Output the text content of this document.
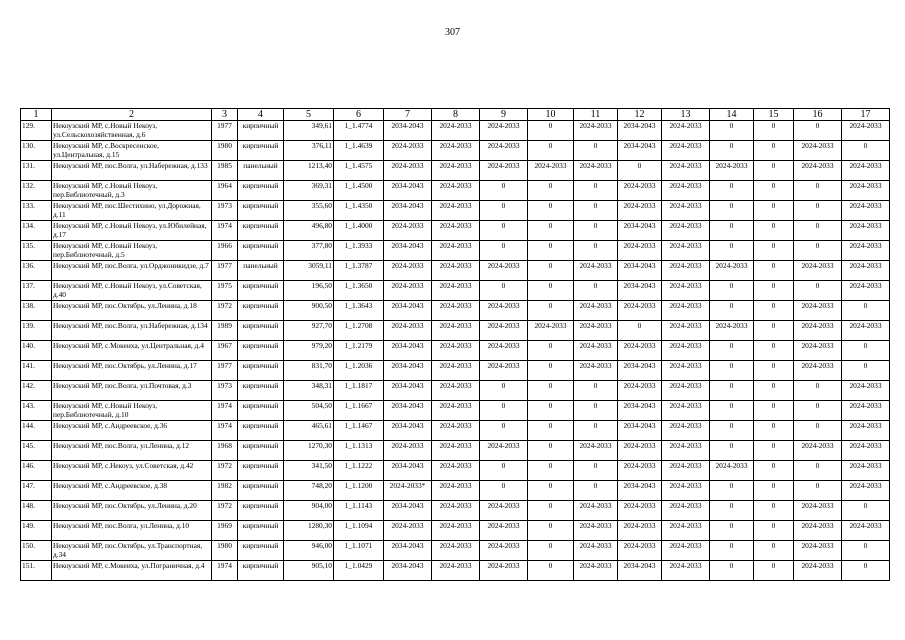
307
1	2	3	4	5	6	7	8	9	10	11	12	13	14	15	16	17
129.	Некоузский МР, с.Новый Некоуз, ул.Сельскохозяйственная, д.6	1977	кирпичный	349,61	1_1.4774	2034-2043	2024-2033	2024-2033	0	2024-2033	2034-2043	2024-2033	0	0	0	2024-2033
130.	Некоузский МР, с.Воскресенское, ул.Центральная, д.15	1980	кирпичный	376,11	1_1.4639	2024-2033	2024-2033	2024-2033	0	0	2034-2043	2024-2033	0	0	2024-2033	0
131.	Некоузский МР, пос.Волга, ул.Набережная, д.133	1985	панельный	1213,40	1_1.4575	2024-2033	2024-2033	2024-2033	2024-2033	2024-2033	0	2024-2033	2024-2033	0	2024-2033	2024-2033
132.	Некоузский МР, с.Новый Некоуз, пер.Библиотечный, д.3	1964	кирпичный	369,31	1_1.4500	2034-2043	2024-2033	0	0	0	2024-2033	2024-2033	0	0	0	2024-2033
133.	Некоузский МР, пос.Шестихино, ул.Дорожная, д.11	1973	кирпичный	355,60	1_1.4350	2034-2043	2024-2033	0	0	0	2024-2033	2024-2033	0	0	0	2024-2033
134.	Некоузский МР, с.Новый Некоуз, ул.Юбилейная, д.17	1974	кирпичный	496,80	1_1.4000	2024-2033	2024-2033	0	0	0	2034-2043	2024-2033	0	0	0	2024-2033
135.	Некоузский МР, с.Новый Некоуз, пер.Библиотечный, д.5	1966	кирпичный	377,80	1_1.3933	2034-2043	2024-2033	0	0	0	2024-2033	2024-2033	0	0	0	2024-2033
136.	Некоузский МР, пос.Волга, ул.Орджоникидзе, д.7	1977	панельный	3059,11	1_1.3787	2024-2033	2024-2033	2024-2033	0	2024-2033	2034-2043	2024-2033	2024-2033	0	2024-2033	2024-2033
137.	Некоузский МР, с.Новый Некоуз, ул.Советская, д.40	1975	кирпичный	196,50	1_1.3650	2024-2033	2024-2033	0	0	0	2034-2043	2024-2033	0	0	0	2024-2033
138.	Некоузский МР, пос.Октябрь, ул.Ленина, д.18	1972	кирпичный	900,50	1_1.3643	2034-2043	2024-2033	2024-2033	0	2024-2033	2024-2033	2024-2033	0	0	2024-2033	0
139.	Некоузский МР, пос.Волга, ул.Набережная, д.134	1989	кирпичный	927,70	1_1.2708	2024-2033	2024-2033	2024-2033	2024-2033	2024-2033	0	2024-2033	2024-2033	0	2024-2033	2024-2033
140.	Некоузский МР, с.Мокеиха, ул.Центральная, д.4	1967	кирпичный	979,20	1_1.2179	2034-2043	2024-2033	2024-2033	0	2024-2033	2024-2033	2024-2033	0	0	2024-2033	0
141.	Некоузский МР, пос.Октябрь, ул.Ленина, д.17	1977	кирпичный	831,70	1_1.2036	2034-2043	2024-2033	2024-2033	0	2024-2033	2034-2043	2024-2033	0	0	2024-2033	0
142.	Некоузский МР, пос.Волга, ул.Почтовая, д.3	1973	кирпичный	348,31	1_1.1817	2034-2043	2024-2033	0	0	0	2024-2033	2024-2033	0	0	0	2024-2033
143.	Некоузский МР, с.Новый Некоуз, пер.Библиотечный, д.10	1974	кирпичный	504,50	1_1.1667	2034-2043	2024-2033	0	0	0	2034-2043	2024-2033	0	0	0	2024-2033
144.	Некоузский МР, с.Андреевское, д.36	1974	кирпичный	465,61	1_1.1467	2034-2043	2024-2033	0	0	0	2034-2043	2024-2033	0	0	0	2024-2033
145.	Некоузский МР, пос.Волга, ул.Ленина, д.12	1968	кирпичный	1270,30	1_1.1313	2024-2033	2024-2033	2024-2033	0	2024-2033	2024-2033	2024-2033	0	0	2024-2033	2024-2033
146.	Некоузский МР, с.Некоуз, ул.Советская, д.42	1972	кирпичный	341,50	1_1.1222	2034-2043	2024-2033	0	0	0	2024-2033	2024-2033	2024-2033	0	0	2024-2033
147.	Некоузский МР, с.Андреевское, д.38	1982	кирпичный	748,20	1_1.1200	2024-2033*	2024-2033	0	0	0	2034-2043	2024-2033	0	0	0	2024-2033
148.	Некоузский МР, пос.Октябрь, ул.Ленина, д.20	1972	кирпичный	904,00	1_1.1143	2034-2043	2024-2033	2024-2033	0	2024-2033	2024-2033	2024-2033	0	0	2024-2033	0
149.	Некоузский МР, пос.Волга, ул.Ленина, д.10	1969	кирпичный	1280,30	1_1.1094	2024-2033	2024-2033	2024-2033	0	2024-2033	2024-2033	2024-2033	0	0	2024-2033	2024-2033
150.	Некоузский МР, пос.Октябрь, ул.Транспортная, д.34	1980	кирпичный	946,00	1_1.1071	2034-2043	2024-2033	2024-2033	0	2024-2033	2024-2033	2024-2033	0	0	2024-2033	0
151.	Некоузский МР, с.Мокеиха, ул.Пограничная, д.4	1974	кирпичный	905,10	1_1.0429	2034-2043	2024-2033	2024-2033	0	2024-2033	2034-2043	2024-2033	0	0	2024-2033	0
